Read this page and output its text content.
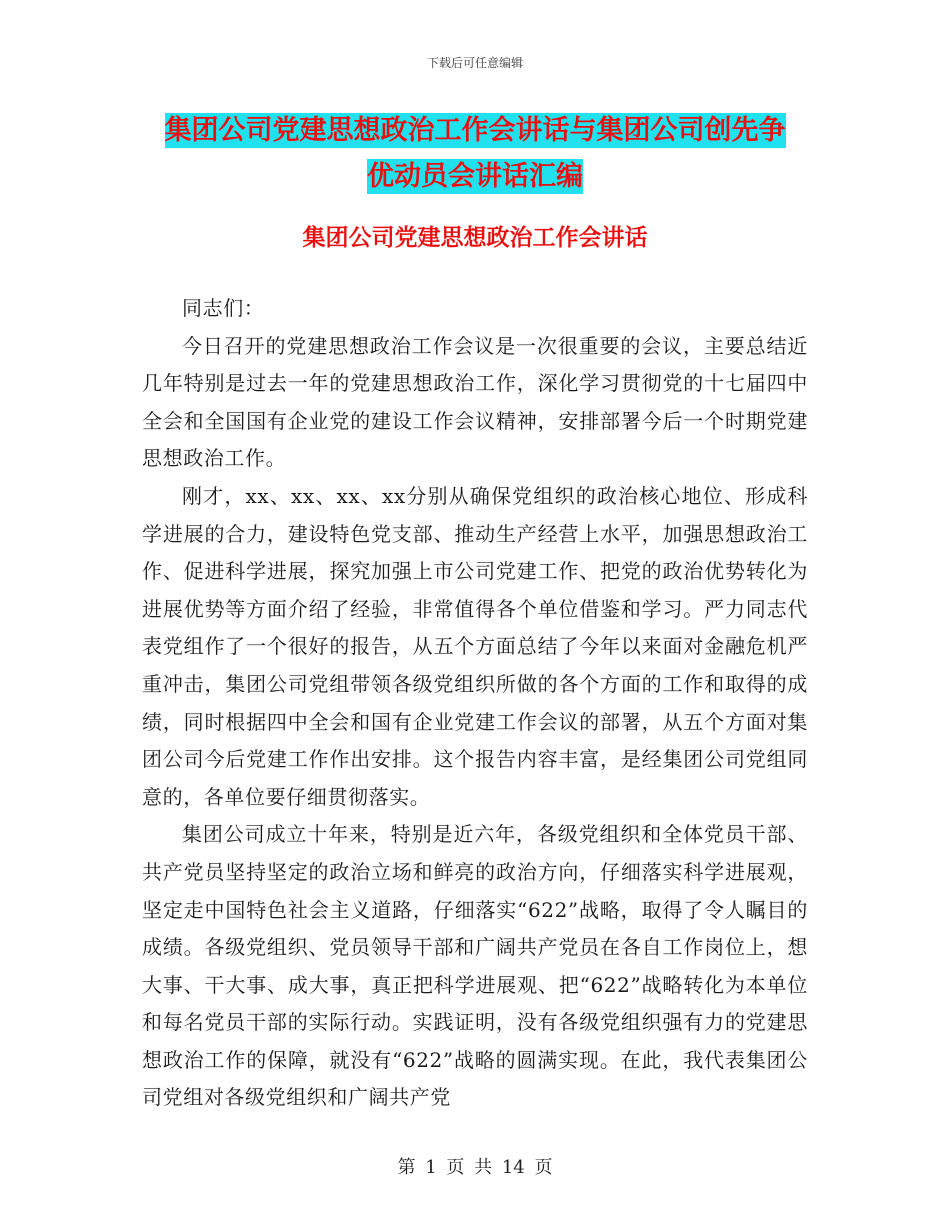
下载后可任意编辑
集团公司党建思想政治工作会讲话与集团公司创先争
优动员会讲话汇编
集团公司党建思想政治工作会讲话

同志们：

今日召开的党建思想政治工作会议是一次很重要的会议，主要总结近几年特别是过去一年的党建思想政治工作，深化学习贯彻党的十七届四中全会和全国国有企业党的建设工作会议精神，安排部署今后一个时期党建思想政治工作。

刚才，xx、xx、xx、xx分别从确保党组织的政治核心地位、形成科学进展的合力，建设特色党支部、推动生产经营上水平，加强思想政治工作、促进科学进展，探究加强上市公司党建工作、把党的政治优势转化为进展优势等方面介绍了经验，非常值得各个单位借鉴和学习。严力同志代表党组作了一个很好的报告，从五个方面总结了今年以来面对金融危机严重冲击，集团公司党组带领各级党组织所做的各个方面的工作和取得的成绩，同时根据四中全会和国有企业党建工作会议的部署，从五个方面对集团公司今后党建工作作出安排。这个报告内容丰富，是经集团公司党组同意的，各单位要仔细贯彻落实。

集团公司成立十年来，特别是近六年，各级党组织和全体党员干部、共产党员坚持坚定的政治立场和鲜亮的政治方向，仔细落实科学进展观，坚定走中国特色社会主义道路，仔细落实“622”战略，取得了令人瞩目的成绩。各级党组织、党员领导干部和广阔共产党员在各自工作岗位上，想大事、干大事、成大事，真正把科学进展观、把“622”战略转化为本单位和每名党员干部的实际行动。实践证明，没有各级党组织强有力的党建思想政治工作的保障，就没有“622”战略的圆满实现。在此，我代表集团公司党组对各级党组织和广阔共产党

第 1 页 共 14 页
